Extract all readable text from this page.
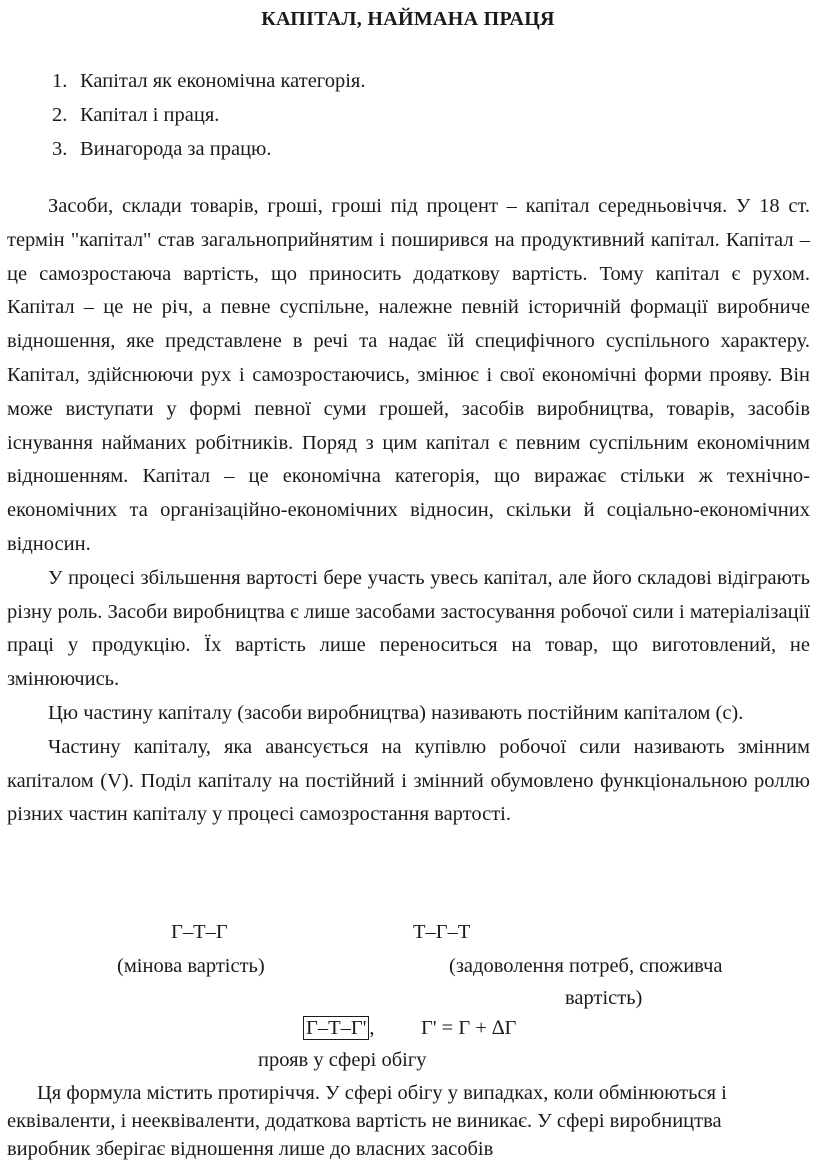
КАПІТАЛ, НАЙМАНА ПРАЦЯ
1. Капітал як економічна категорія.
2. Капітал і праця.
3. Винагорода за працю.

Засоби, склади товарів, гроші, гроші під процент – капітал середньовіччя. У 18 ст. термін "капітал" став загальноприйнятим і поширився на продуктивний капітал. Капітал – це самозростаюча вартість, що приносить додаткову вартість. Тому капітал є рухом. Капітал – це не річ, а певне суспільне, належне певній історичній формації виробниче відношення, яке представлене в речі та надає їй специфічного суспільного характеру. Капітал, здійснюючи рух і самозростаючись, змінює і свої економічні форми прояву. Він може виступати у формі певної суми грошей, засобів виробництва, товарів, засобів існування найманих робітників. Поряд з цим капітал є певним суспільним економічним відношенням. Капітал – це економічна категорія, що виражає стільки ж технічно-економічних та організаційно-економічних відносин, скільки й соціально-економічних відносин.

У процесі збільшення вартості бере участь увесь капітал, але його складові відіграють різну роль. Засоби виробництва є лише засобами застосування робочої сили і матеріалізації праці у продукцію. Їх вартість лише переноситься на товар, що виготовлений, не змінюючись.

Цю частину капіталу (засоби виробництва) називають постійним капіталом (c).

Частину капіталу, яка авансується на купівлю робочої сили називають змінним капіталом (V). Поділ капіталу на постійний і змінний обумовлено функціональною роллю різних частин капіталу у процесі самозростання вартості.

Г–Т–Г	Т–Г–Т
(мінова вартість)	(задоволення потреб, споживча
вартість)
Г–Т–Г' , Г' = Г + ∆Г
прояв у сфері обігу

Ця формула містить протиріччя. У сфері обігу у випадках, коли обмінюються і еквіваленти, і нееквіваленти, додаткова вартість не виникає. У сфері виробництва виробник зберігає відношення лише до власних засобів
